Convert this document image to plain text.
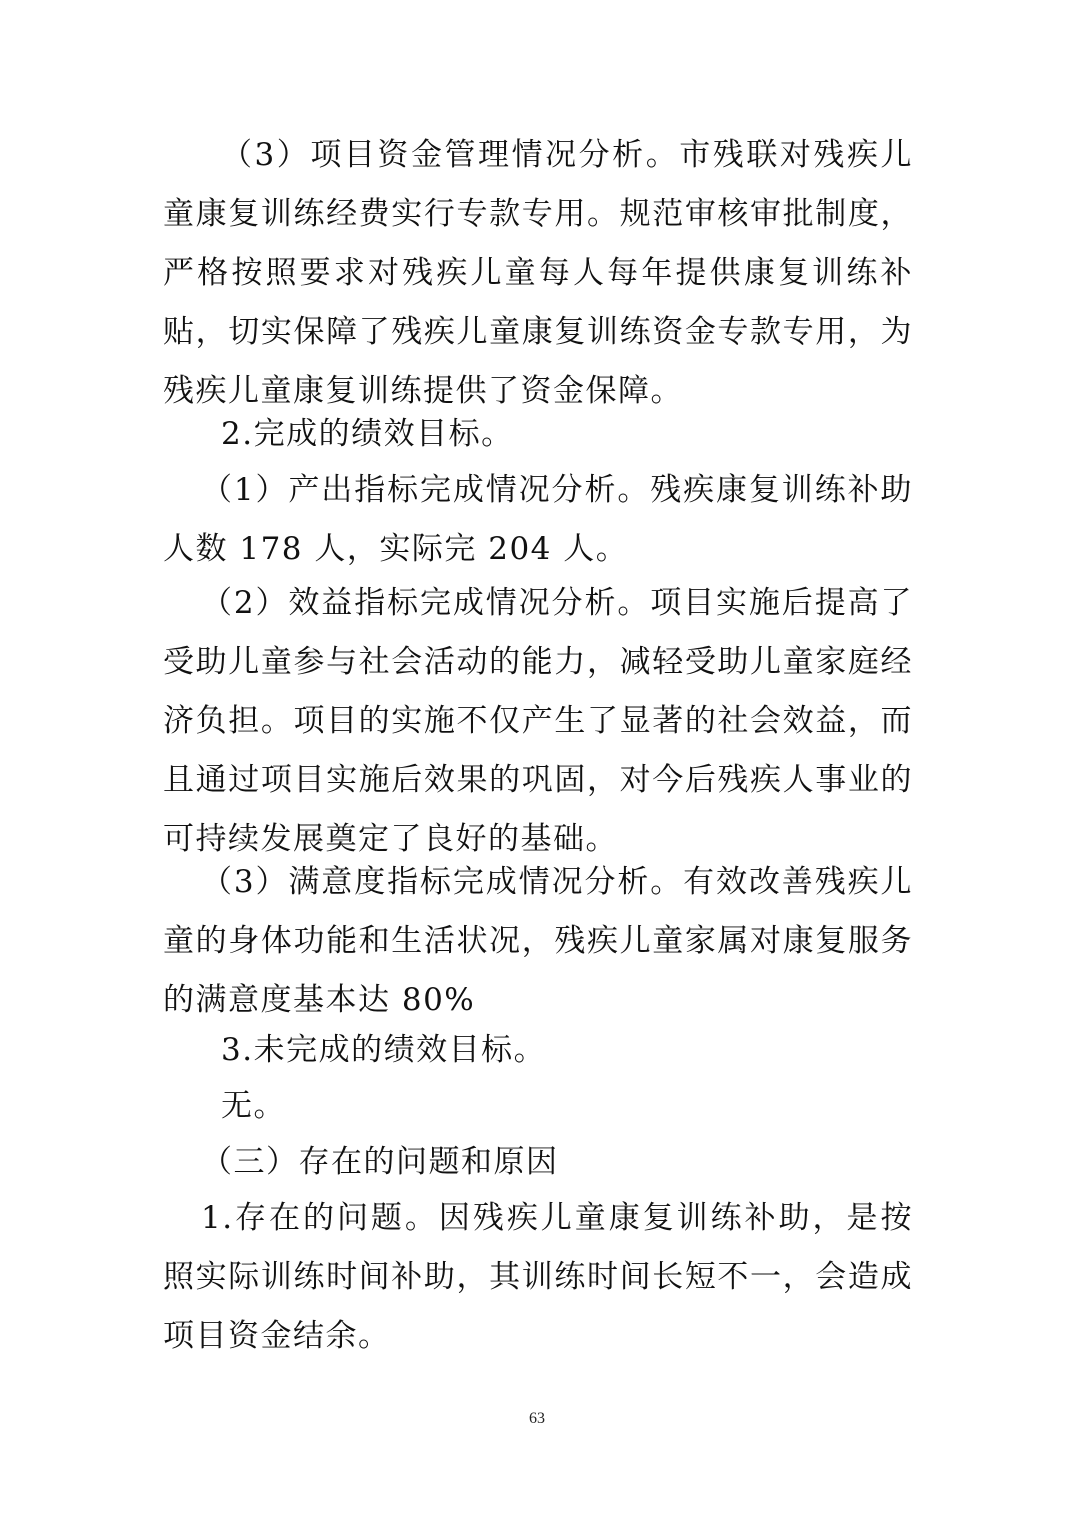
（3）项目资金管理情况分析。市残联对残疾儿童康复训练经费实行专款专用。规范审核审批制度，严格按照要求对残疾儿童每人每年提供康复训练补贴，切实保障了残疾儿童康复训练资金专款专用，为残疾儿童康复训练提供了资金保障。

2.完成的绩效目标。

（1）产出指标完成情况分析。残疾康复训练补助人数 178 人，实际完 204 人。

（2）效益指标完成情况分析。项目实施后提高了受助儿童参与社会活动的能力，减轻受助儿童家庭经济负担。项目的实施不仅产生了显著的社会效益，而且通过项目实施后效果的巩固，对今后残疾人事业的可持续发展奠定了良好的基础。

（3）满意度指标完成情况分析。有效改善残疾儿童的身体功能和生活状况，残疾儿童家属对康复服务的满意度基本达 80%

3.未完成的绩效目标。

无。

（三）存在的问题和原因

1.存在的问题。因残疾儿童康复训练补助，是按照实际训练时间补助，其训练时间长短不一，会造成项目资金结余。

63
